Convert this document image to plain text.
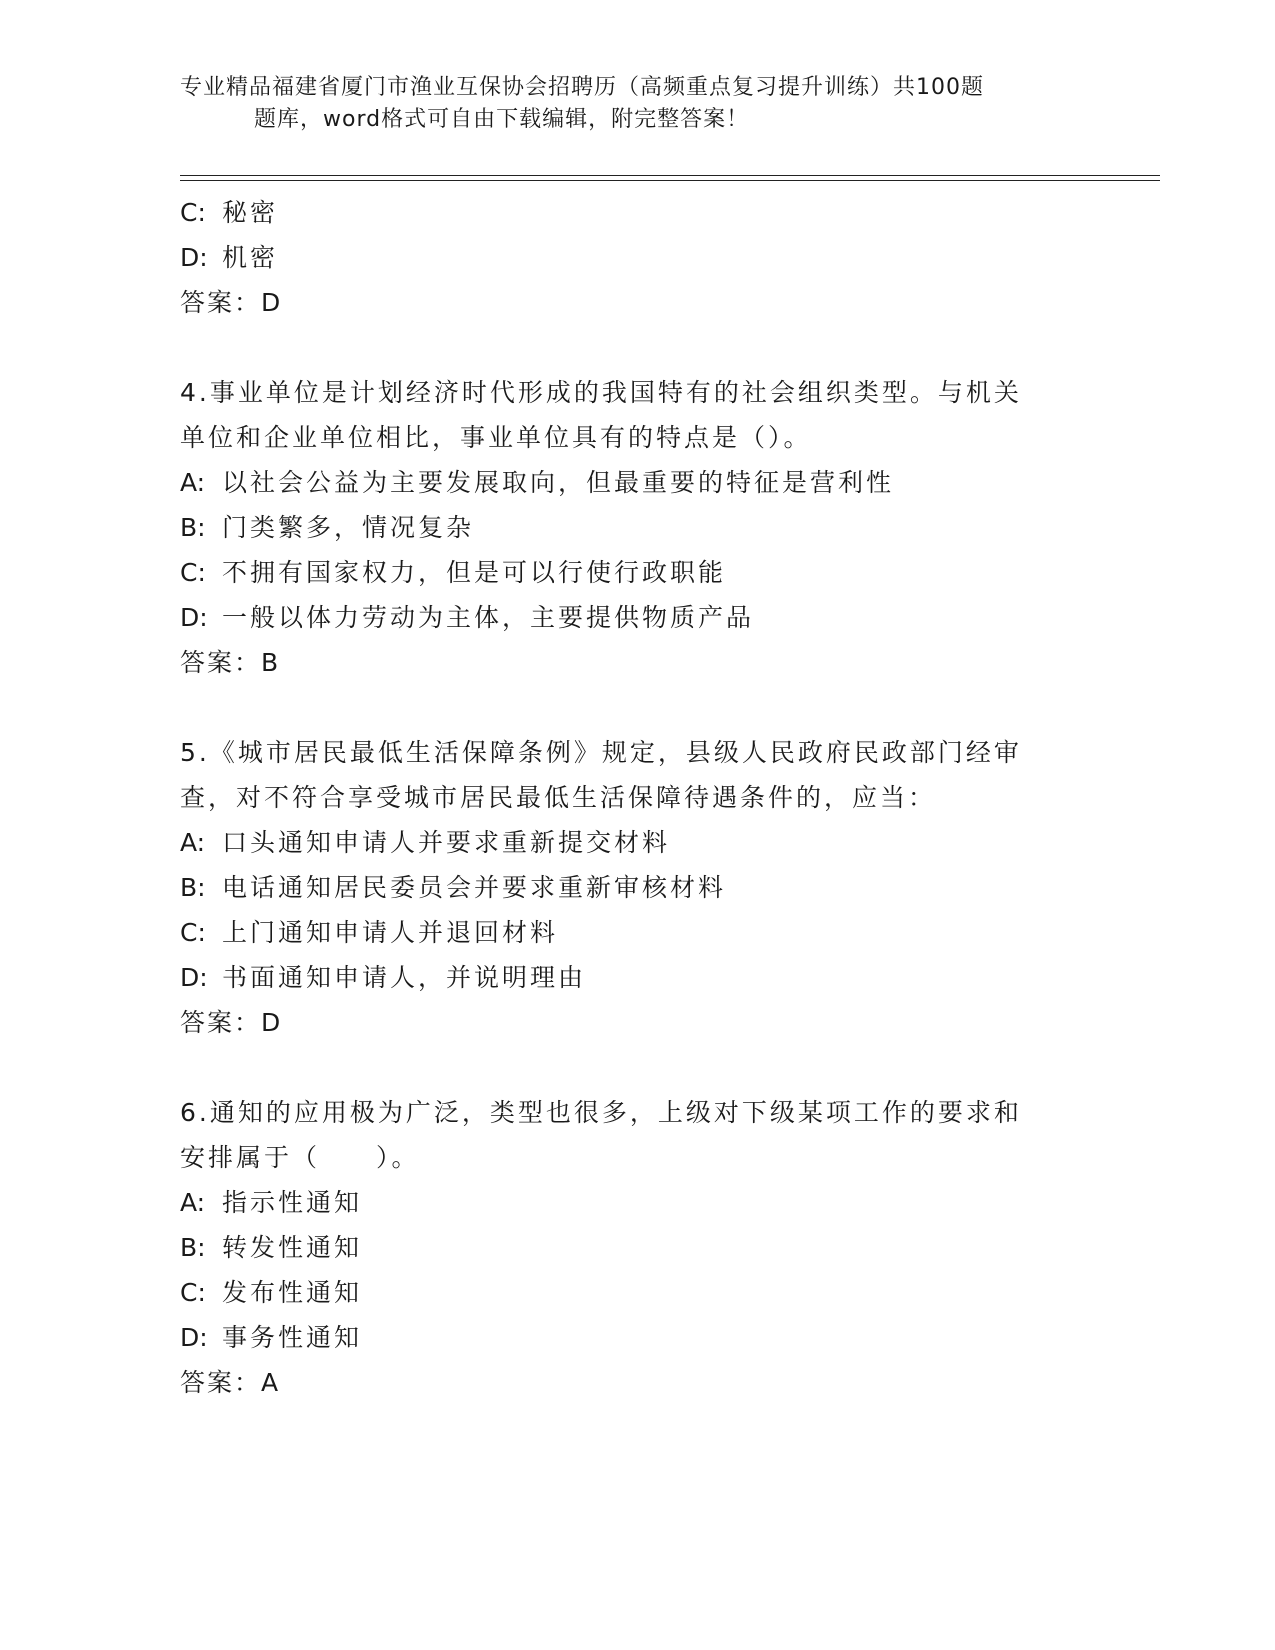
专业精品福建省厦门市渔业互保协会招聘历（高频重点复习提升训练）共100题
题库，word格式可自由下载编辑，附完整答案！
C: 秘密
D: 机密
答案：D
4.事业单位是计划经济时代形成的我国特有的社会组织类型。与机关
单位和企业单位相比，事业单位具有的特点是（）。
A: 以社会公益为主要发展取向，但最重要的特征是营利性
B: 门类繁多，情况复杂
C: 不拥有国家权力，但是可以行使行政职能
D: 一般以体力劳动为主体，主要提供物质产品
答案：B
5.《城市居民最低生活保障条例》规定，县级人民政府民政部门经审
查，对不符合享受城市居民最低生活保障待遇条件的，应当：
A: 口头通知申请人并要求重新提交材料
B: 电话通知居民委员会并要求重新审核材料
C: 上门通知申请人并退回材料
D: 书面通知申请人，并说明理由
答案：D
6.通知的应用极为广泛，类型也很多，上级对下级某项工作的要求和
安排属于（　　）。
A: 指示性通知
B: 转发性通知
C: 发布性通知
D: 事务性通知
答案：A
